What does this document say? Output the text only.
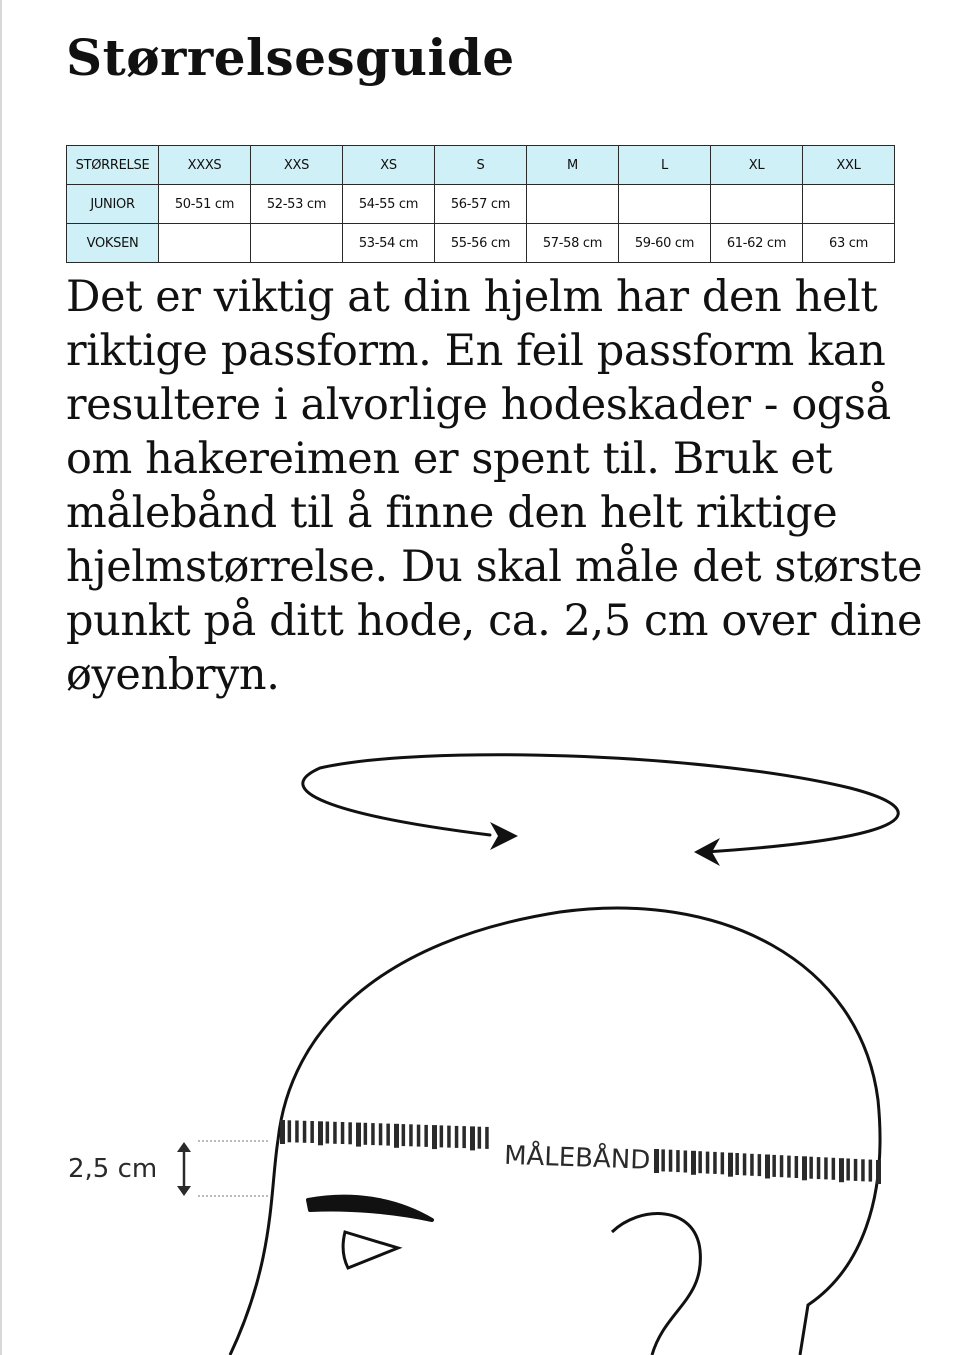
Størrelsesguide
STØRRELSE	XXXS	XXS	XS	S	M	L	XL	XXL
JUNIOR	50-51 cm	52-53 cm	54-55 cm	56-57 cm				
VOKSEN			53-54 cm	55-56 cm	57-58 cm	59-60 cm	61-62 cm	63 cm

Det er viktig at din hjelm har den helt riktige passform. En feil passform kan resultere i alvorlige hodeskader - også om hakereimen er spent til. Bruk et målebånd til å finne den helt riktige hjelmstørrelse. Du skal måle det største punkt på ditt hode, ca. 2,5 cm over dine øyenbryn.

MÅLEBÅND
2,5 cm
